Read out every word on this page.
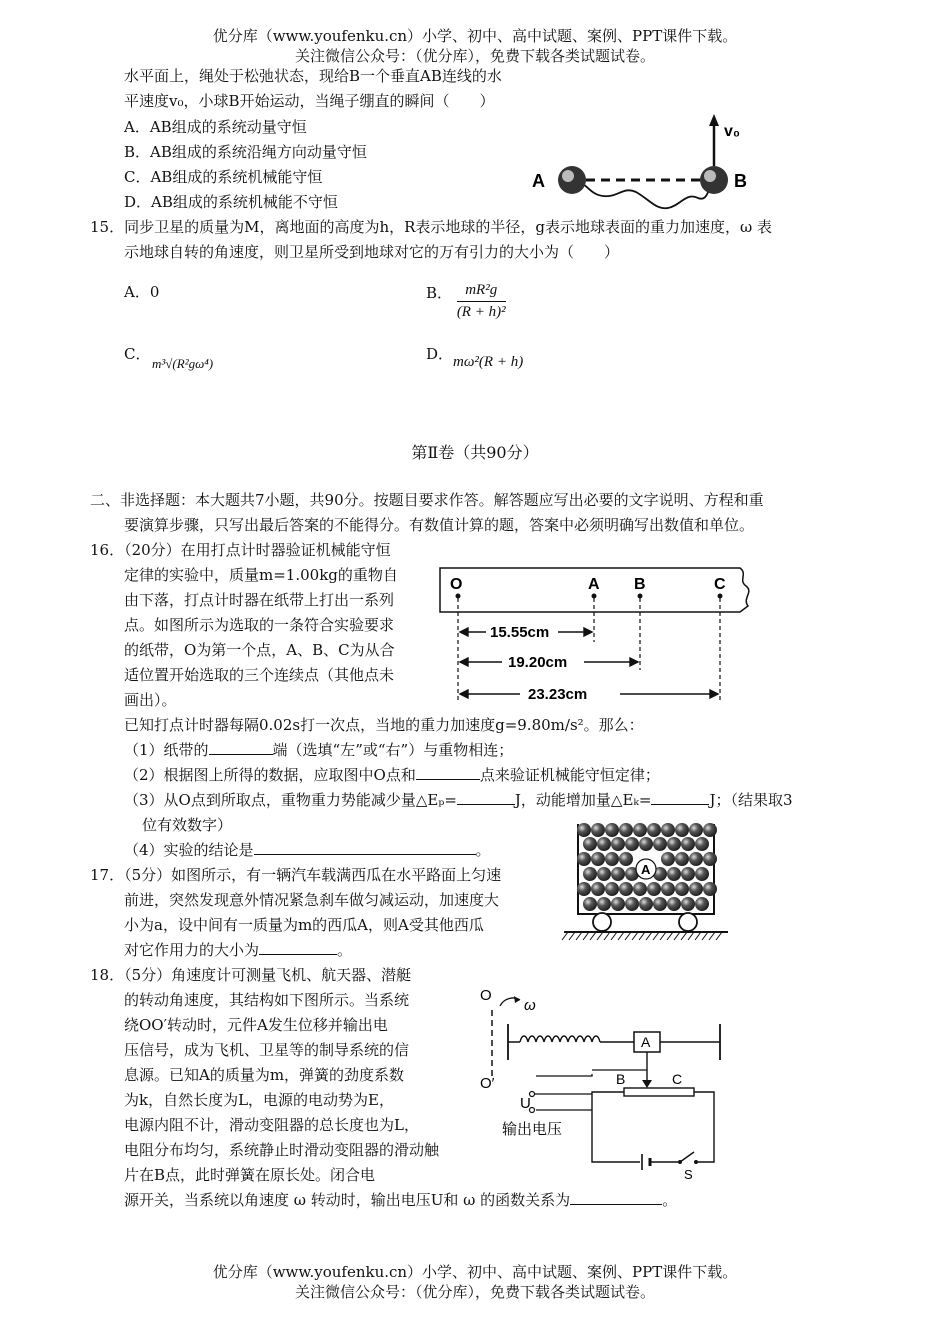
优分库（www.youfenku.cn）小学、初中、高中试题、案例、PPT课件下载。
关注微信公众号：（优分库），免费下载各类试题试卷。
水平面上，绳处于松弛状态，现给B一个垂直AB连线的水
平速度v₀，小球B开始运动，当绳子绷直的瞬间（　　）
A．AB组成的系统动量守恒
B．AB组成的系统沿绳方向动量守恒
C．AB组成的系统机械能守恒
D．AB组成的系统机械能不守恒
v₀
A	B
15．同步卫星的质量为M，离地面的高度为h，R表示地球的半径，g表示地球表面的重力加速度，ω 表
示地球自转的角速度，则卫星所受到地球对它的万有引力的大小为（　　）
A．0	B． $\frac{\text{mR²g}}{\text{(R + h)²}}$
C．
m³√(R²gω⁴)
D． mω²(R + h)
第Ⅱ卷（共90分）
二、非选择题：本大题共7小题，共90分。按题目要求作答。解答题应写出必要的文字说明、方程和重
要演算步骤，只写出最后答案的不能得分。有数值计算的题，答案中必须明确写出数值和单位。
16．（20分）在用打点计时器验证机械能守恒
定律的实验中，质量m=1.00kg的重物自
由下落，打点计时器在纸带上打出一系列
点。如图所示为选取的一条符合实验要求
的纸带，O为第一个点，A、B、C为从合
适位置开始选取的三个连续点（其他点未
画出）。
O	A B	C
15.55cm
19.20cm
23.23cm
已知打点计时器每隔0.02s打一次点，当地的重力加速度g=9.80m/s²。那么：
（1）纸带的	端（选填“左”或“右”）与重物相连；
（2）根据图上所得的数据，应取图中O点和	点来验证机械能守恒定律；
（3）从O点到所取点，重物重力势能减少量△Eₚ=	J，动能增加量△Eₖ=	J；（结果取3
位有效数字）
（4）实验的结论是	。
17．（5分）如图所示，有一辆汽车载满西瓜在水平路面上匀速
前进，突然发现意外情况紧急刹车做匀减运动，加速度大
小为a，设中间有一质量为m的西瓜A，则A受其他西瓜
对它作用力的大小为	。
A
18．（5分）角速度计可测量飞机、航天器、潜艇
的转动角速度，其结构如下图所示。当系统
绕OO′转动时，元件A发生位移并输出电
压信号，成为飞机、卫星等的制导系统的信
息源。已知A的质量为m，弹簧的劲度系数
为k，自然长度为L，电源的电动势为E，
电源内阻不计，滑动变阻器的总长度也为L，
电阻分布均匀，系统静止时滑动变阻器的滑动触
片在B点，此时弹簧在原长处。闭合电
源开关，当系统以角速度 ω 转动时，输出电压U和 ω 的函数关系为	。
O
O′
ω
A
B	C
S
U
输出电压
优分库（www.youfenku.cn）小学、初中、高中试题、案例、PPT课件下载。
关注微信公众号：（优分库），免费下载各类试题试卷。
